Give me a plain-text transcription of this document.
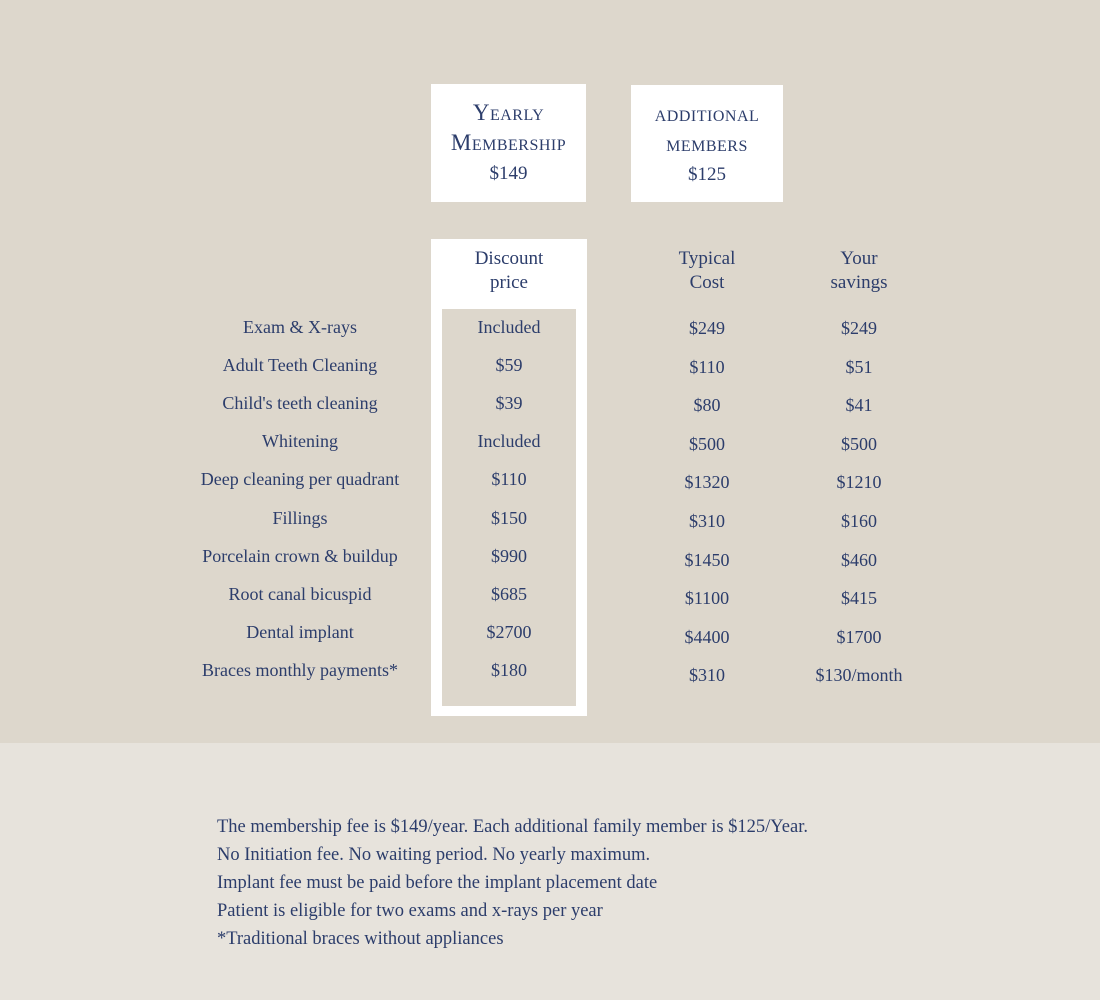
Yearly
Membership
$149
additional
members
$125
Discount
price
Typical
Cost
Your
savings
Exam & X-rays	Included	$249	$249
Adult Teeth Cleaning	$59	$110	$51
Child's teeth cleaning	$39	$80	$41
Whitening	Included	$500	$500
Deep cleaning per quadrant	$110	$1320	$1210
Fillings	$150	$310	$160
Porcelain crown & buildup	$990	$1450	$460
Root canal bicuspid	$685	$1100	$415
Dental implant	$2700	$4400	$1700
Braces monthly payments*	$180	$310	$130/month
The membership fee is $149/year. Each additional family member is $125/Year.
No Initiation fee. No waiting period. No yearly maximum.
Implant fee must be paid before the implant placement date
Patient is eligible for two exams and x-rays per year
*Traditional braces without appliances
